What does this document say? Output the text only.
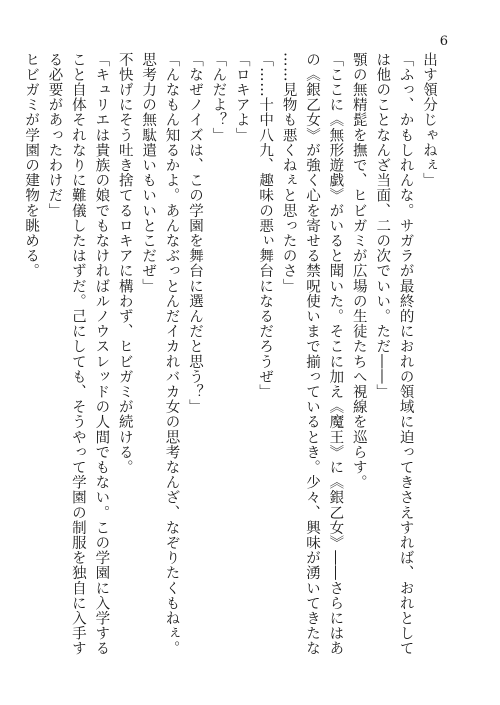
6
出す領分じゃねぇ」
「ふっ、かもしれんな。サガラが最終的におれの領域に迫ってきさえすれば、おれとして
は他のことなんざ当面、二の次でいい。ただ――」
顎の無精髭を撫で、ヒビガミが広場の生徒たちへ視線を巡らす。
「ここに《無形遊戯》がいると聞いた。そこに加え《魔王》に《銀乙女》――さらにはあ
の《銀乙女》が強く心を寄せる禁呪使いまで揃っているとき。少々、興味が湧いてきたな
……見物も悪くねぇと思ったのさ」
「……十中八九、趣味の悪ぃ舞台になるだろうぜ」
「ロキアよ」
「んだよ？」
「なぜノイズは、この学園を舞台に選んだと思う？」
「んなもん知るかよ。あんなぶっとんだイカれバカ女の思考なんざ、なぞりたくもねぇ。
思考力の無駄遣いもいいとこだぜ」
不快げにそう吐き捨てるロキアに構わず、ヒビガミが続ける。
「キュリエは貴族の娘でもなければルノウスレッドの人間でもない。この学園に入学する
こと自体それなりに難儀したはずだ。己にしても、そうやって学園の制服を独自に入手す
る必要があったわけだ」
ヒビガミが学園の建物を眺める。
